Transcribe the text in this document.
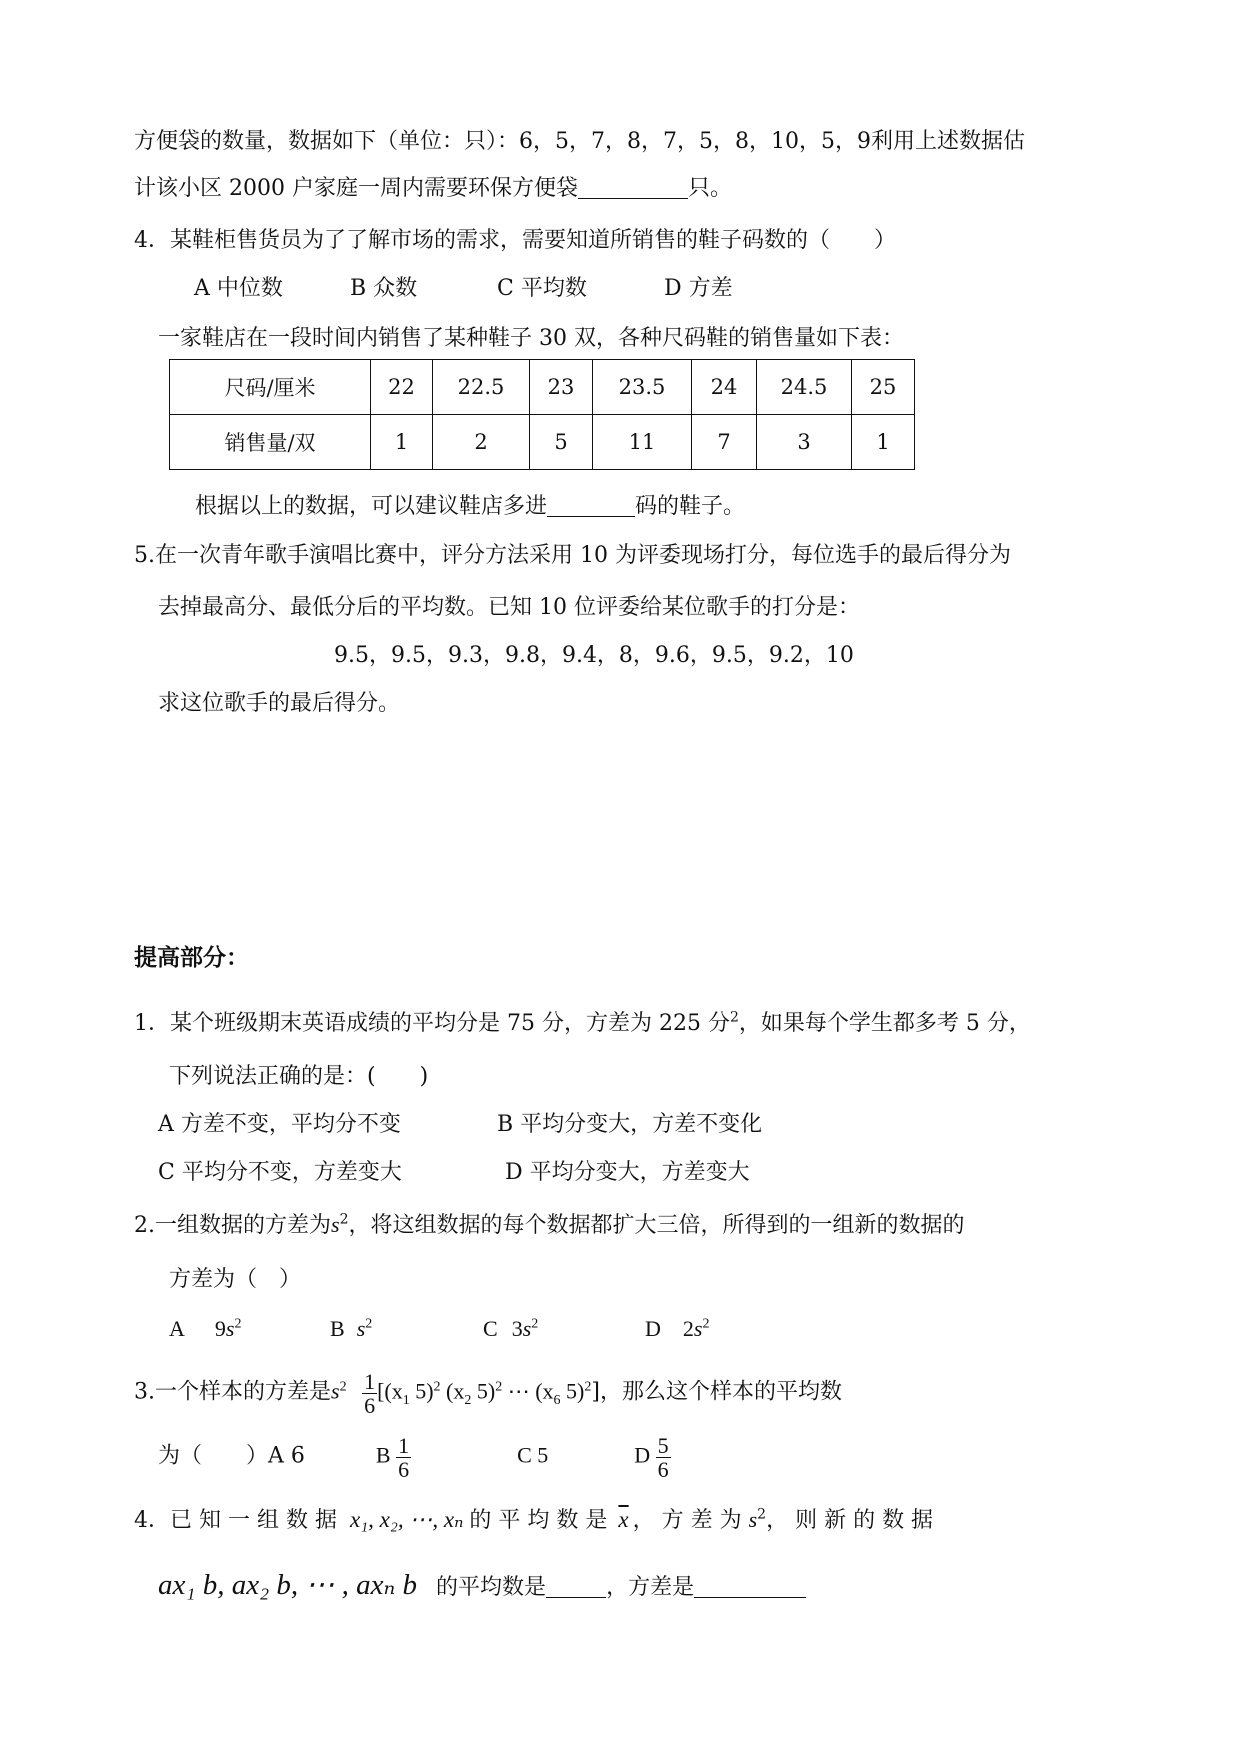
方便袋的数量，数据如下（单位：只）：6，5，7，8，7，5，8，10，5，9利用上述数据估
计该小区 2000 户家庭一周内需要环保方便袋	只。
4．某鞋柜售货员为了了解市场的需求，需要知道所销售的鞋子码数的（　　）
A 中位数	B 众数	C 平均数	D 方差
一家鞋店在一段时间内销售了某种鞋子 30 双，各种尺码鞋的销售量如下表：
尺码/厘米	22	22.5	23	23.5	24	24.5	25
销售量/双	1	2	5	11	7	3	1
根据以上的数据，可以建议鞋店多进	码的鞋子。
5.在一次青年歌手演唱比赛中，评分方法采用 10 为评委现场打分，每位选手的最后得分为
去掉最高分、最低分后的平均数。已知 10 位评委给某位歌手的打分是：
9.5，9.5，9.3，9.8，9.4，8，9.6，9.5，9.2，10
求这位歌手的最后得分。
提高部分：
1．某个班级期末英语成绩的平均分是 75 分，方差为 225 分$^2$，如果每个学生都多考 5 分，
下列说法正确的是：(　　)
A 方差不变，平均分不变	B 平均分变大，方差不变化
C 平均分不变，方差变大	D 平均分变大，方差变大
2.一组数据的方差为$s^2$，将这组数据的每个数据都扩大三倍，所得到的一组新的数据的
方差为（　）
A $9s^2$	B $s^2$	C $3s^2$	D $2s^2$
3.一个样本的方差是$s^2 \frac{1}{6} [(x_1$ 5)$^2$ ($x_2$ 5)$^2$ ⋯ ($x_6$ 5)$^2$]，那么这个样本的平均数
为（　　）A 6	B $\frac{1}{6}$	C 5	D $\frac{5}{6}$
4．已 知 一 组 数 据 x₁, x₂, ⋯, xₙ 的 平 均 数 是 $\overline{x}$ ， 方 差 为 $s^2$， 则 新 的 数 据
ax₁ b, ax₂ b, ⋯ , axₙ b 的平均数是	，方差是
